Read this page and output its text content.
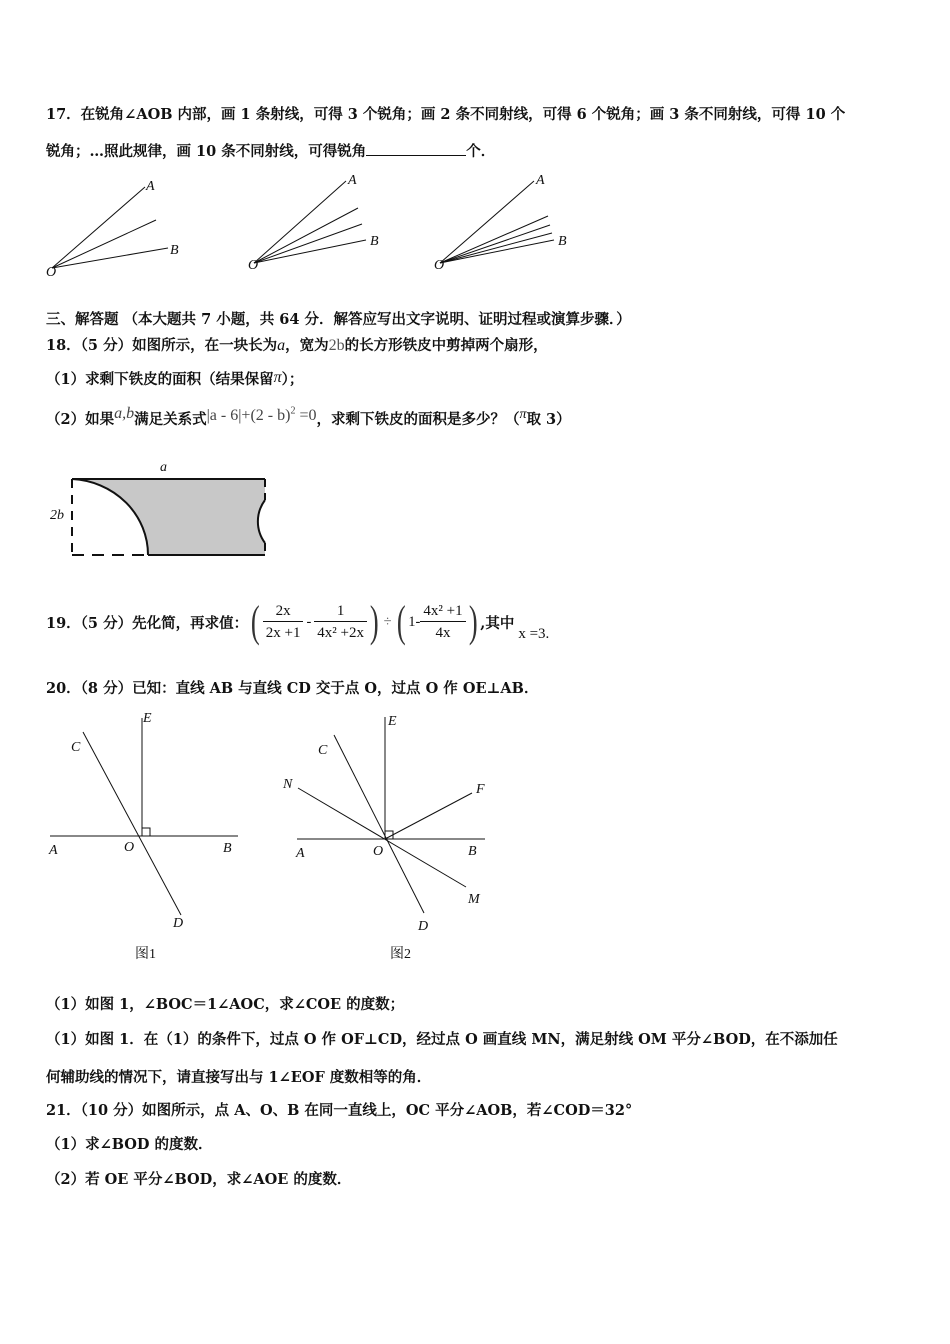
17．在锐角∠AOB 内部，画 1 条射线，可得 3 个锐角；画 2 条不同射线，可得 6 个锐角；画 3 条不同射线，可得 10 个
锐角；…照此规律，画 10 条不同射线，可得锐角	个．
A
B
O
A
B
O
A
B
O
三、解答题 （本大题共 7 小题，共 64 分．解答应写出文字说明、证明过程或演算步骤．）
18．（5 分）如图所示，在一块长为a，宽为2b的长方形铁皮中剪掉两个扇形，
（1）求剩下铁皮的面积（结果保留π）；
（2）如果a,b满足关系式|a - 6|+(2 - b)$^2$ =0，求剩下铁皮的面积是多少？（π取 3）
a
2b
19．（5 分）先化简，再求值： ( $\frac{2x}{2x +1} - \frac{1}{\text{4x² +2x}}$ ) ÷ ( $1- \frac{\text{4x² +1}}{4x}$ ) ,其中
x =3.
20．（8 分）已知：直线 AB 与直线 CD 交于点 O，过点 O 作 OE⊥AB．
E
C
A	O	B
D
图1
E
C
N	F
A	O	B
M
D
图2
（1）如图 1，∠BOC＝1∠AOC，求∠COE 的度数；
（1）如图 1．在（1）的条件下，过点 O 作 OF⊥CD，经过点 O 画直线 MN，满足射线 OM 平分∠BOD，在不添加任
何辅助线的情况下，请直接写出与 1∠EOF 度数相等的角．
21．（10 分）如图所示，点 A、O、B 在同一直线上，OC 平分∠AOB，若∠COD＝32°
（1）求∠BOD 的度数．
（2）若 OE 平分∠BOD，求∠AOE 的度数．
